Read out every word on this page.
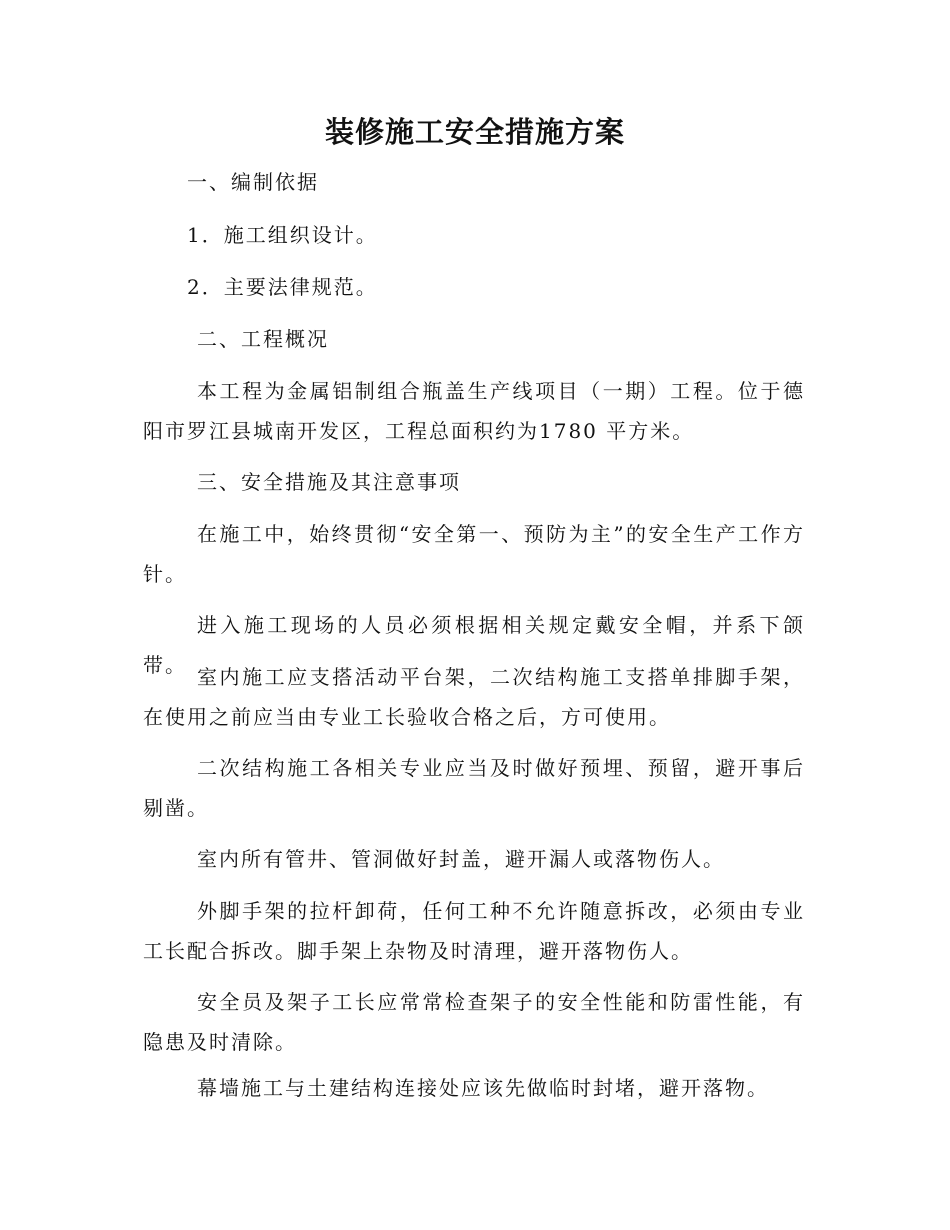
装修施工安全措施方案

一、编制依据

1．施工组织设计。

2．主要法律规范。

二、工程概况

本工程为金属铝制组合瓶盖生产线项目（一期）工程。位于德阳市罗江县城南开发区，工程总面积约为1780 平方米。

三、安全措施及其注意事项

在施工中，始终贯彻“安全第一、预防为主”的安全生产工作方针。

进入施工现场的人员必须根据相关规定戴安全帽，并系下颌带。 室内施工应支搭活动平台架，二次结构施工支搭单排脚手架，在使用之前应当由专业工长验收合格之后，方可使用。

二次结构施工各相关专业应当及时做好预埋、预留，避开事后剔凿。

室内所有管井、管洞做好封盖，避开漏人或落物伤人。

外脚手架的拉杆卸荷，任何工种不允许随意拆改，必须由专业工长配合拆改。脚手架上杂物及时清理，避开落物伤人。

安全员及架子工长应常常检查架子的安全性能和防雷性能，有隐患及时清除。

幕墙施工与土建结构连接处应该先做临时封堵，避开落物。
